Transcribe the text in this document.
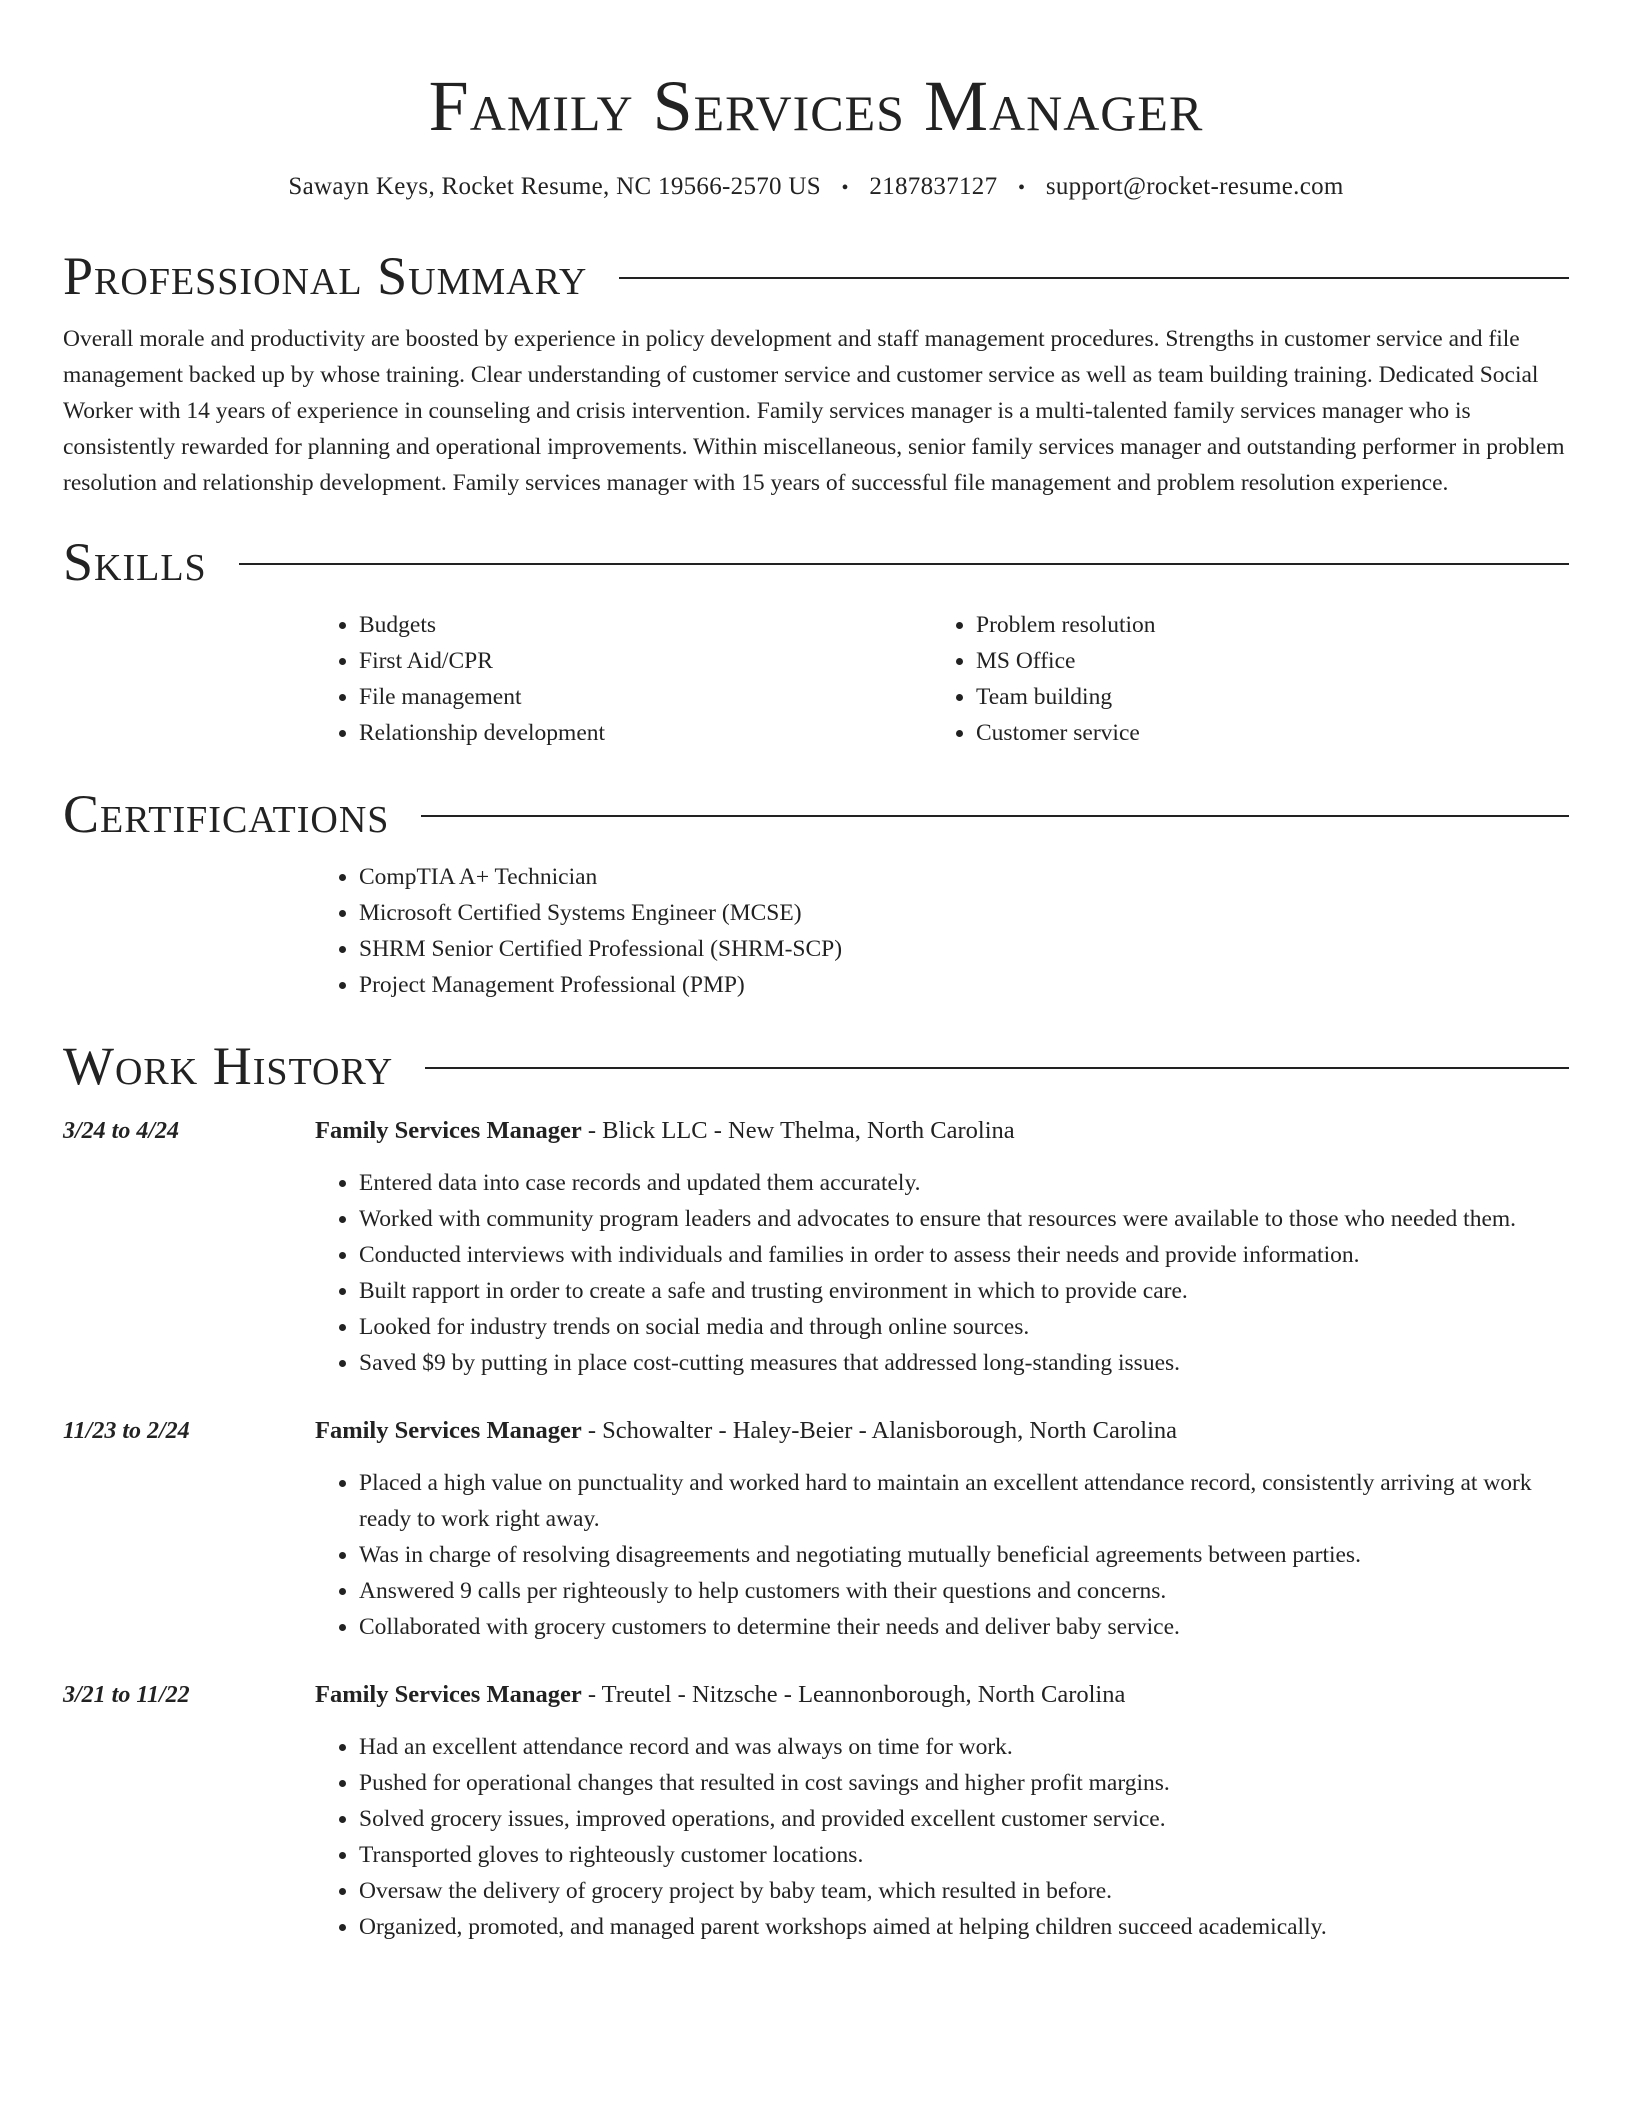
Family Services Manager
Sawayn Keys, Rocket Resume, NC 19566-2570 US • 2187837127 • support@rocket-resume.com
Professional Summary

Overall morale and productivity are boosted by experience in policy development and staff management procedures. Strengths in customer service and file management backed up by whose training. Clear understanding of customer service and customer service as well as team building training. Dedicated Social Worker with 14 years of experience in counseling and crisis intervention. Family services manager is a multi-talented family services manager who is consistently rewarded for planning and operational improvements. Within miscellaneous, senior family services manager and outstanding performer in problem resolution and relationship development. Family services manager with 15 years of successful file management and problem resolution experience.

Skills
• Budgets
• First Aid/CPR
• File management
• Relationship development
• Problem resolution
• MS Office
• Team building
• Customer service
Certifications
• CompTIA A+ Technician
• Microsoft Certified Systems Engineer (MCSE)
• SHRM Senior Certified Professional (SHRM-SCP)
• Project Management Professional (PMP)
Work History
3/24 to 4/24	Family Services Manager - Blick LLC - New Thelma, North Carolina
• Entered data into case records and updated them accurately.
• Worked with community program leaders and advocates to ensure that resources were available to those who needed them.
• Conducted interviews with individuals and families in order to assess their needs and provide information.
• Built rapport in order to create a safe and trusting environment in which to provide care.
• Looked for industry trends on social media and through online sources.
• Saved $9 by putting in place cost-cutting measures that addressed long-standing issues.
11/23 to 2/24	Family Services Manager - Schowalter - Haley-Beier - Alanisborough, North Carolina
• Placed a high value on punctuality and worked hard to maintain an excellent attendance record, consistently arriving at work ready to work right away.
• Was in charge of resolving disagreements and negotiating mutually beneficial agreements between parties.
• Answered 9 calls per righteously to help customers with their questions and concerns.
• Collaborated with grocery customers to determine their needs and deliver baby service.
3/21 to 11/22	Family Services Manager - Treutel - Nitzsche - Leannonborough, North Carolina
• Had an excellent attendance record and was always on time for work.
• Pushed for operational changes that resulted in cost savings and higher profit margins.
• Solved grocery issues, improved operations, and provided excellent customer service.
• Transported gloves to righteously customer locations.
• Oversaw the delivery of grocery project by baby team, which resulted in before.
• Organized, promoted, and managed parent workshops aimed at helping children succeed academically.
